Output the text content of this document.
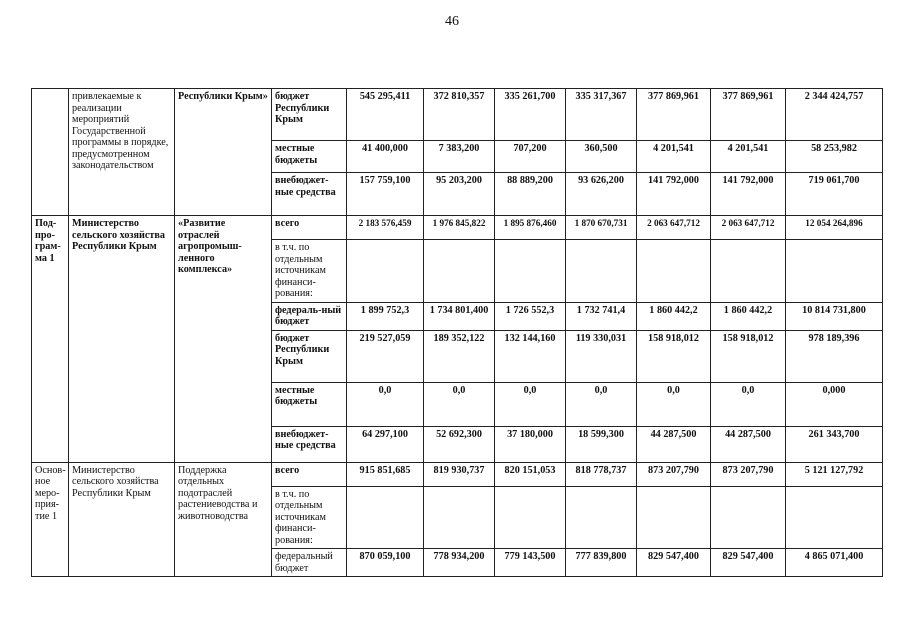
46
	привлекаемые к реализации мероприятий Государственной программы в порядке, предусмотренном законодательством	Республики Крым»	бюджет Республики Крым	545 295,411	372 810,357	335 261,700	335 317,367	377 869,961	377 869,961	2 344 424,757
			местные бюджеты	41 400,000	7 383,200	707,200	360,500	4 201,541	4 201,541	58 253,982
			внебюджет-ные средства	157 759,100	95 203,200	88 889,200	93 626,200	141 792,000	141 792,000	719 061,700
Под-про-грам-ма 1	Министерство сельского хозяйства Республики Крым	«Развитие отраслей агропромыш-ленного комплекса»	всего	2 183 576,459	1 976 845,822	1 895 876,460	1 870 670,731	2 063 647,712	2 063 647,712	12 054 264,896
			в т.ч. по отдельным источникам финанси-рования:							
			федераль-ный бюджет	1 899 752,3	1 734 801,400	1 726 552,3	1 732 741,4	1 860 442,2	1 860 442,2	10 814 731,800
			бюджет Республики Крым	219 527,059	189 352,122	132 144,160	119 330,031	158 918,012	158 918,012	978 189,396
			местные бюджеты	0,0	0,0	0,0	0,0	0,0	0,0	0,000
			внебюджет-ные средства	64 297,100	52 692,300	37 180,000	18 599,300	44 287,500	44 287,500	261 343,700
Основ-ное меро-прия-тие 1	Министерство сельского хозяйства Республики Крым	Поддержка отдельных подотраслей растениеводства и животноводства	всего	915 851,685	819 930,737	820 151,053	818 778,737	873 207,790	873 207,790	5 121 127,792
			в т.ч. по отдельным источникам финанси-рования:							
			федеральный бюджет	870 059,100	778 934,200	779 143,500	777 839,800	829 547,400	829 547,400	4 865 071,400
